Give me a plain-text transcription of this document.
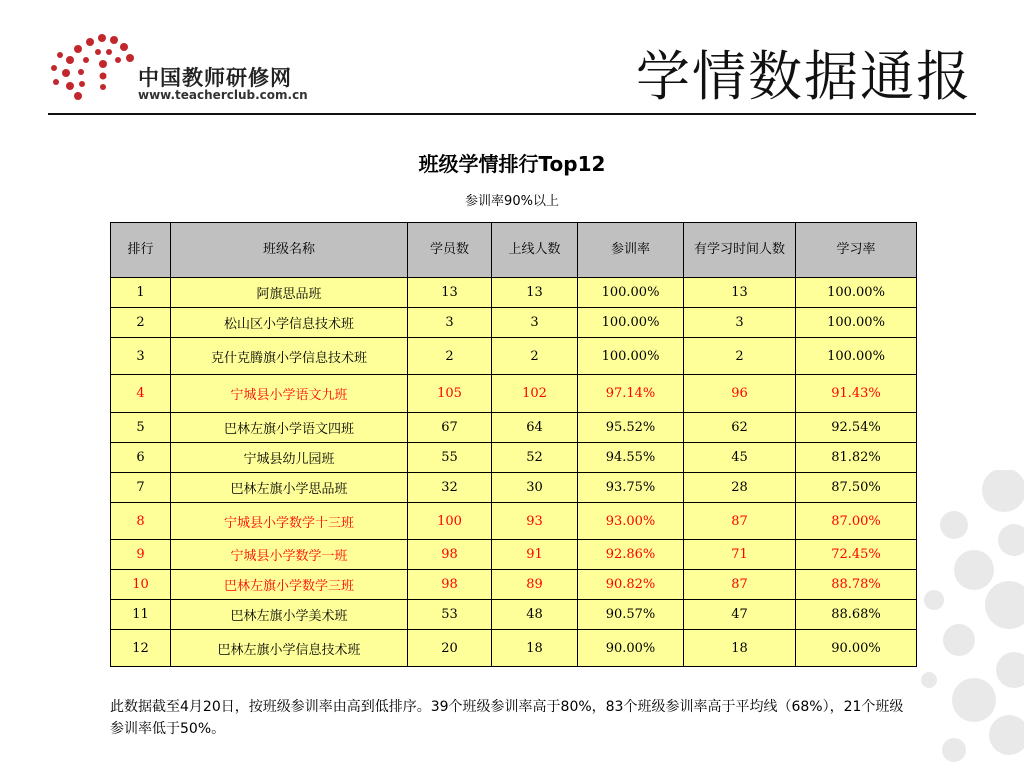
中国教师研修网
www.teacherclub.com.cn	学情数据通报
班级学情排行Top12
参训率90%以上
排行	班级名称	学员数	上线人数	参训率	有学习时间人数	学习率
1	阿旗思品班	13	13	100.00%	13	100.00%
2	松山区小学信息技术班	3	3	100.00%	3	100.00%
3	克什克腾旗小学信息技术班	2	2	100.00%	2	100.00%
4	宁城县小学语文九班	105	102	97.14%	96	91.43%
5	巴林左旗小学语文四班	67	64	95.52%	62	92.54%
6	宁城县幼儿园班	55	52	94.55%	45	81.82%
7	巴林左旗小学思品班	32	30	93.75%	28	87.50%
8	宁城县小学数学十三班	100	93	93.00%	87	87.00%
9	宁城县小学数学一班	98	91	92.86%	71	72.45%
10	巴林左旗小学数学三班	98	89	90.82%	87	88.78%
11	巴林左旗小学美术班	53	48	90.57%	47	88.68%
12	巴林左旗小学信息技术班	20	18	90.00%	18	90.00%
此数据截至4月20日，按班级参训率由高到低排序。39个班级参训率高于80%，83个班级参训率高于平均线（68%），21个班级参训率低于50%。
